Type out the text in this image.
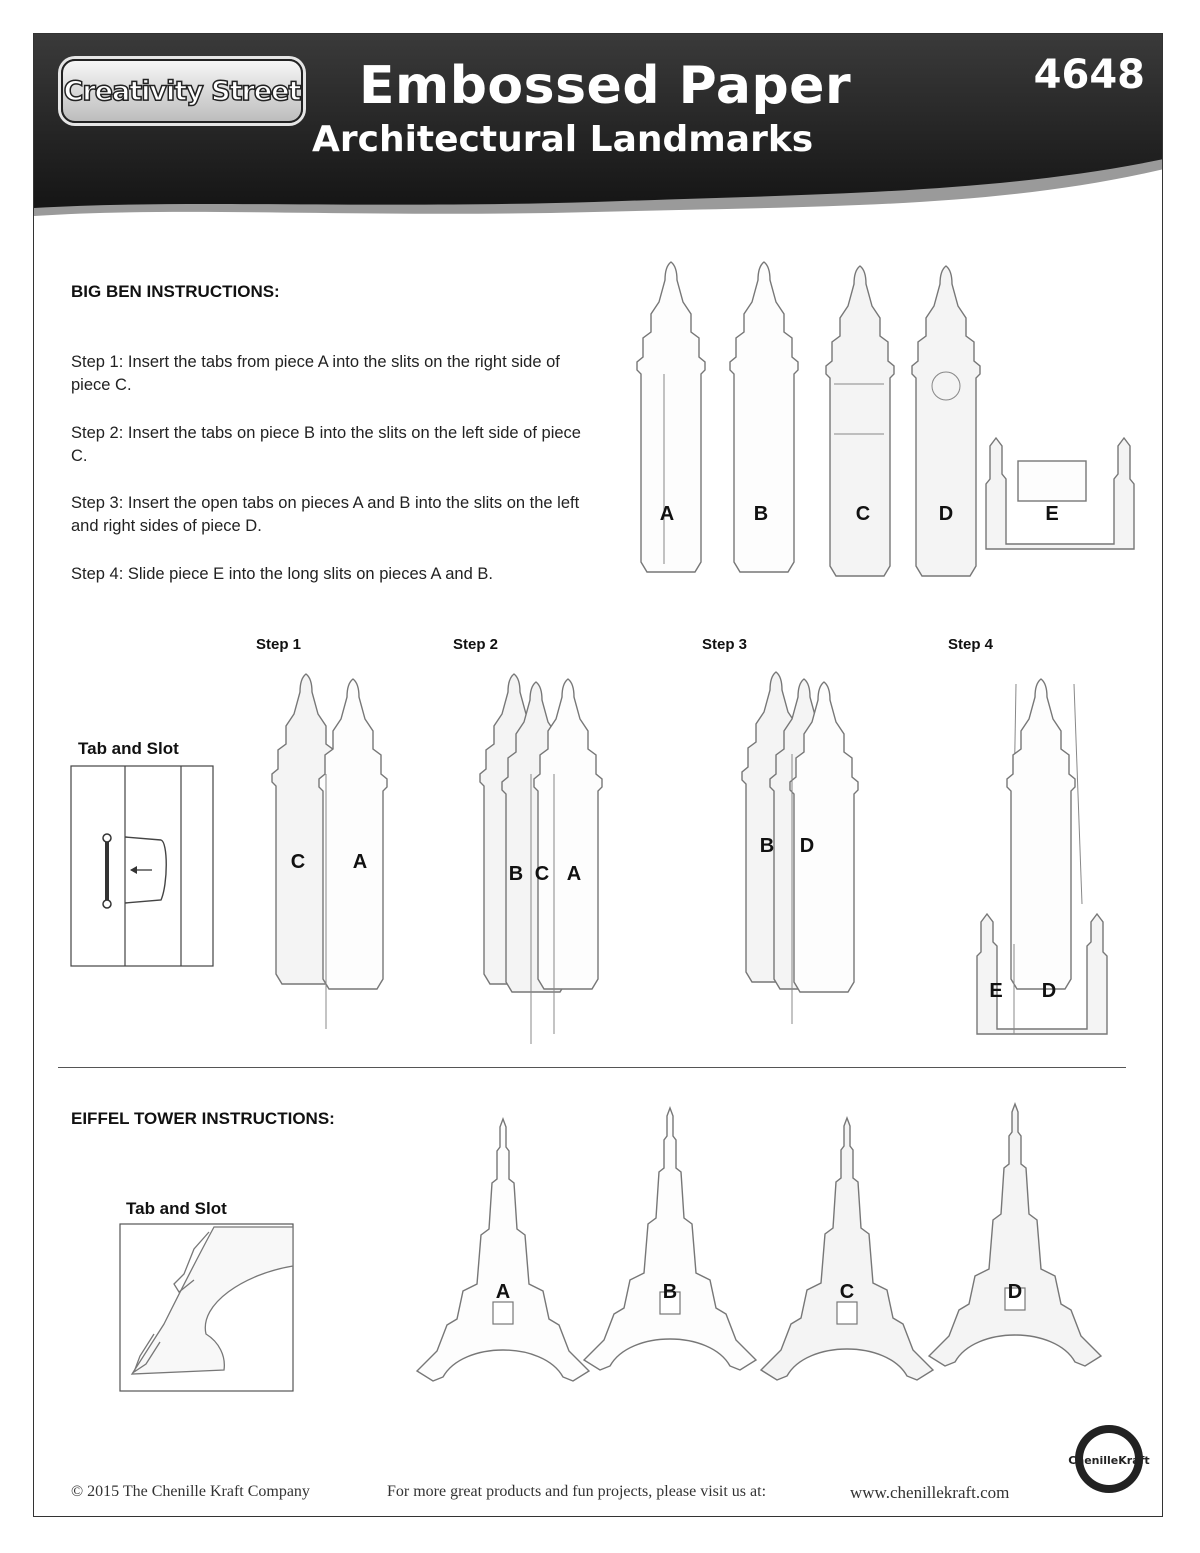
Creativity Street Embossed Paper
Architectural Landmarks
4648
BIG BEN INSTRUCTIONS:

Step 1: Insert the tabs from piece A into the slits on the right side of piece C.

Step 2: Insert the tabs on piece B into the slits on the left side of piece C.

Step 3: Insert the open tabs on pieces A and B into the slits on the left and right sides of piece D.

Step 4: Slide piece E into the long slits on pieces A and B.

Step 1	Step 2	Step 3	Step 4
Tab and Slot
EIFFEL TOWER INSTRUCTIONS:
Tab and Slot
A	B	C	D	E
C A
B C A
B D
E D
A	B	C	D
ChenilleKraft
© 2015 The Chenille Kraft Company	For more great products and fun projects, please visit us at:	www.chenillekraft.com
